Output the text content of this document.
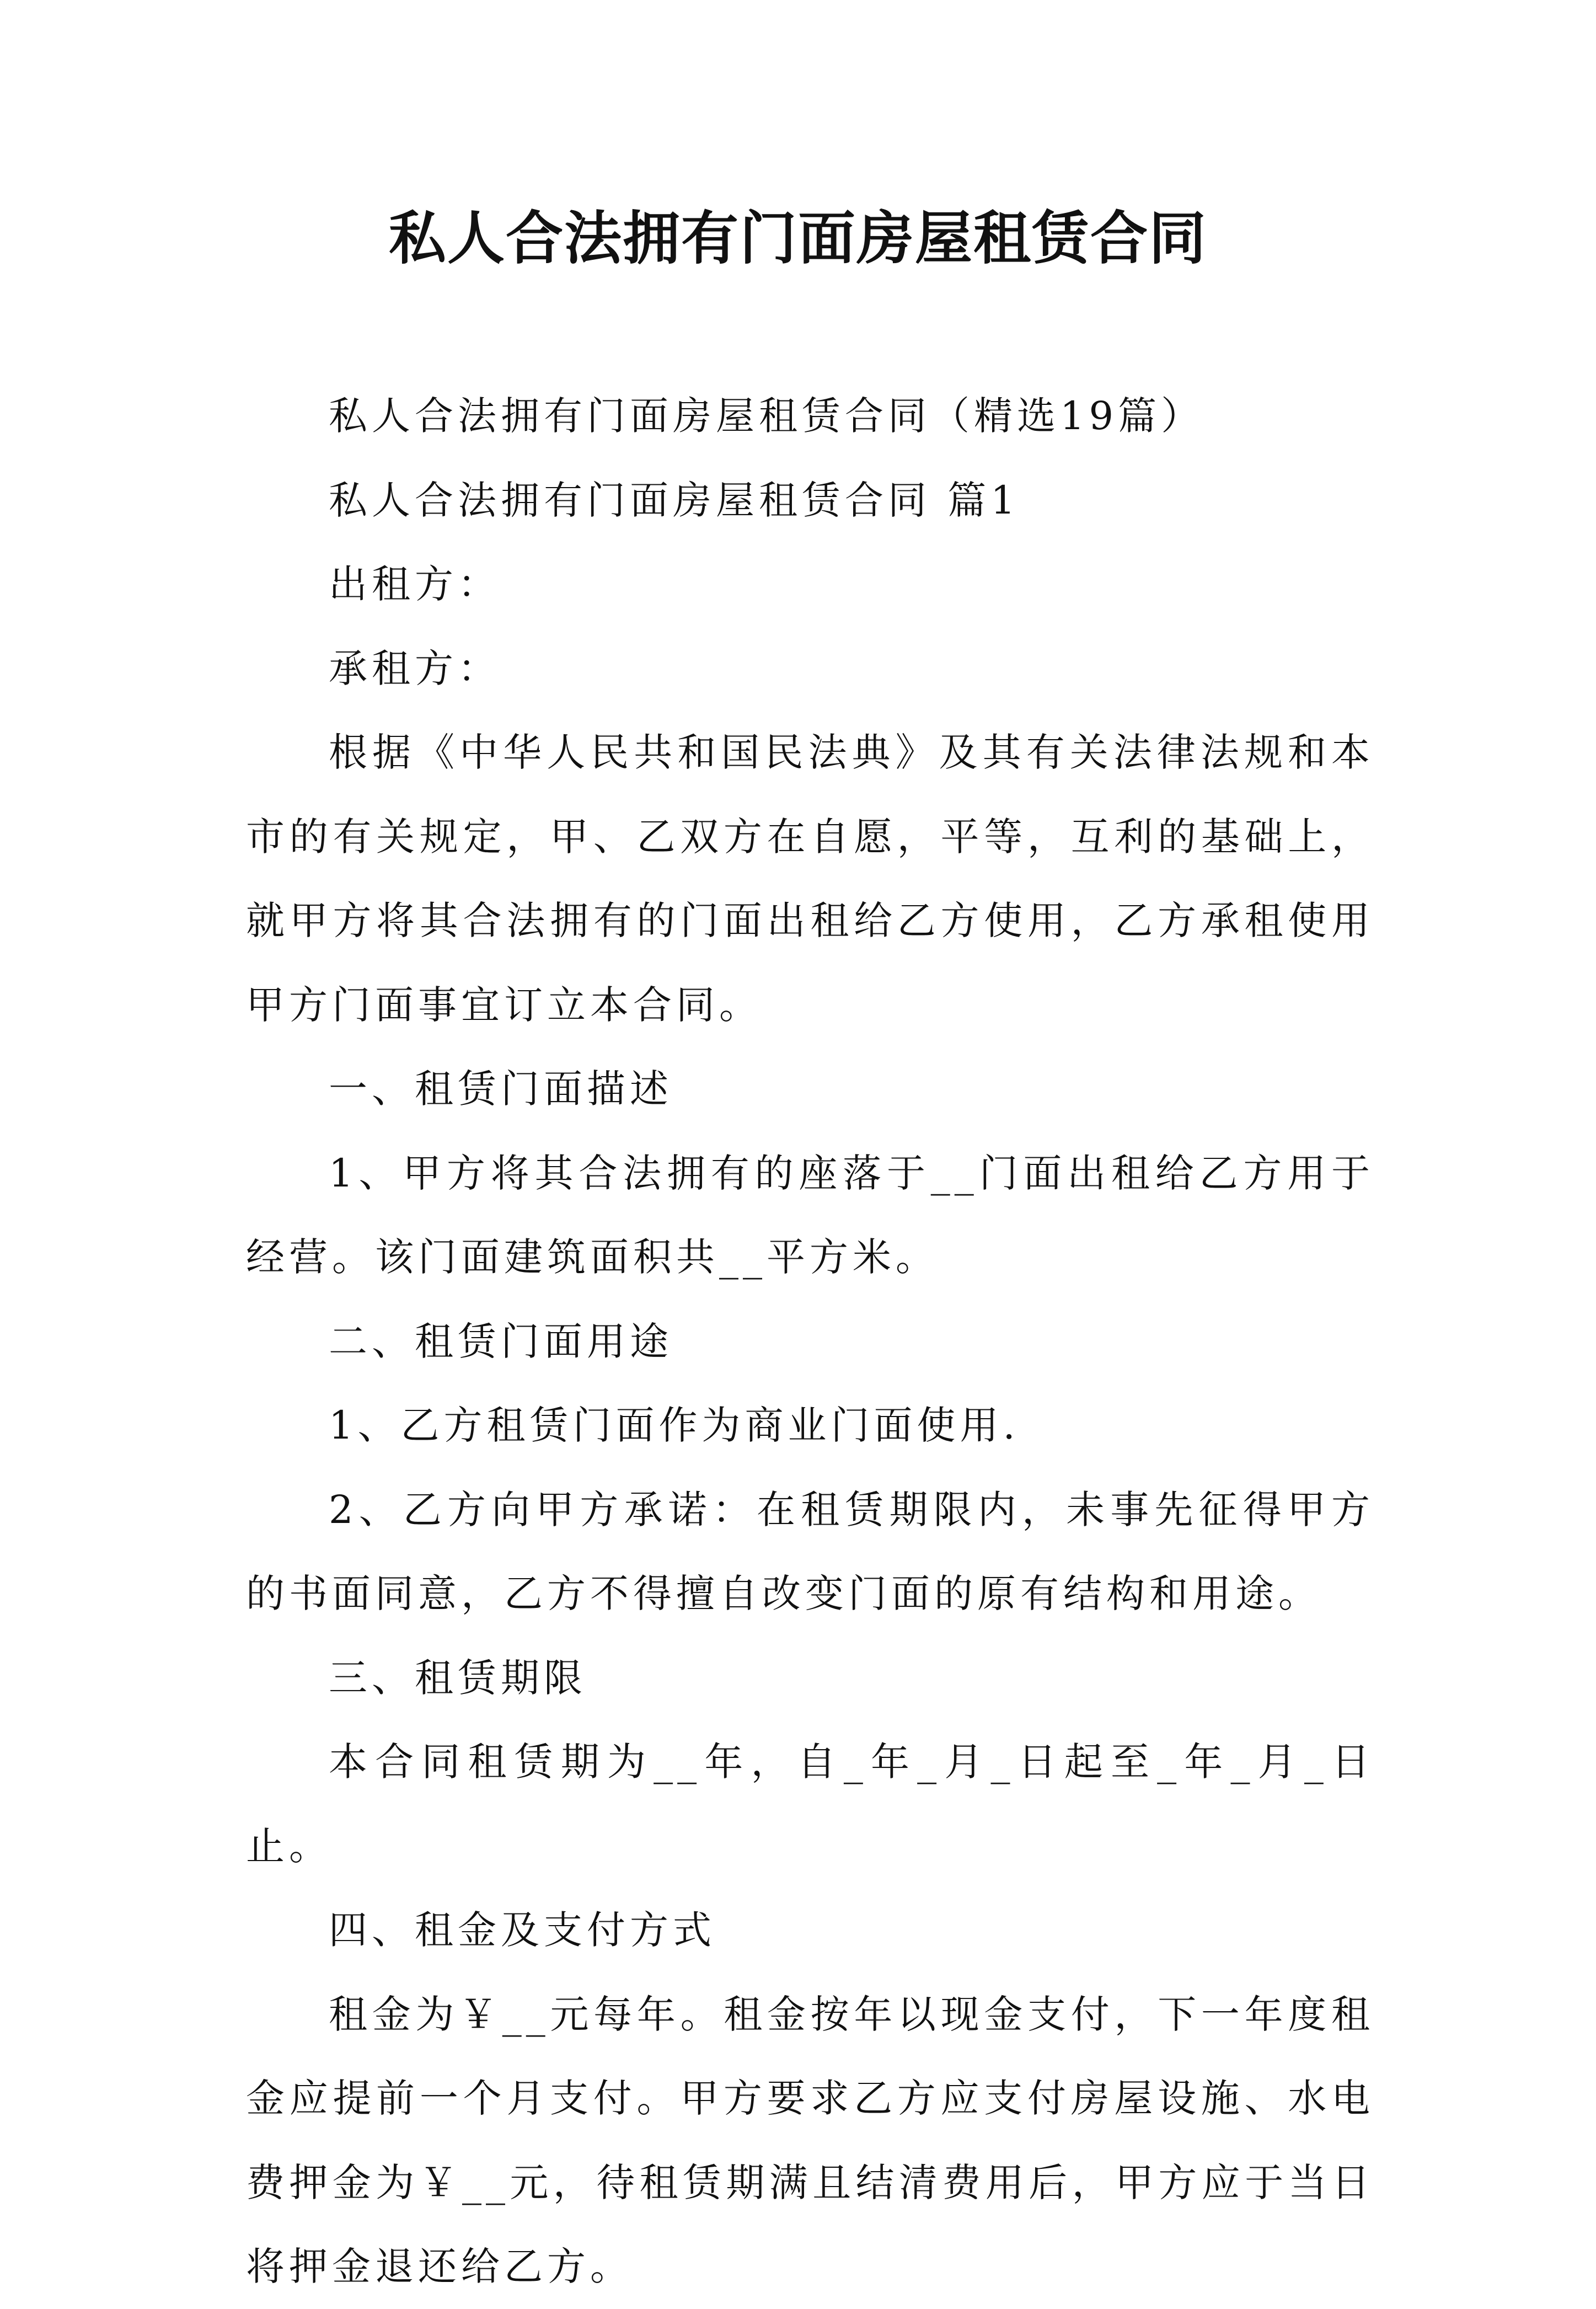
私人合法拥有门面房屋租赁合同

私人合法拥有门面房屋租赁合同（精选19篇）

私人合法拥有门面房屋租赁合同 篇1

出租方：

承租方：

根据《中华人民共和国民法典》及其有关法律法规和本市的有关规定，甲、乙双方在自愿，平等，互利的基础上，就甲方将其合法拥有的门面出租给乙方使用，乙方承租使用甲方门面事宜订立本合同。

一、租赁门面描述

1、甲方将其合法拥有的座落于__门面出租给乙方用于经营。该门面建筑面积共__平方米。

二、租赁门面用途

1、乙方租赁门面作为商业门面使用.

2、乙方向甲方承诺：在租赁期限内，未事先征得甲方的书面同意，乙方不得擅自改变门面的原有结构和用途。

三、租赁期限

本合同租赁期为__年，自_年_月_日起至_年_月_日止。

四、租金及支付方式

租金为￥__元每年。租金按年以现金支付，下一年度租金应提前一个月支付。甲方要求乙方应支付房屋设施、水电费押金为￥__元，待租赁期满且结清费用后，甲方应于当日将押金退还给乙方。
